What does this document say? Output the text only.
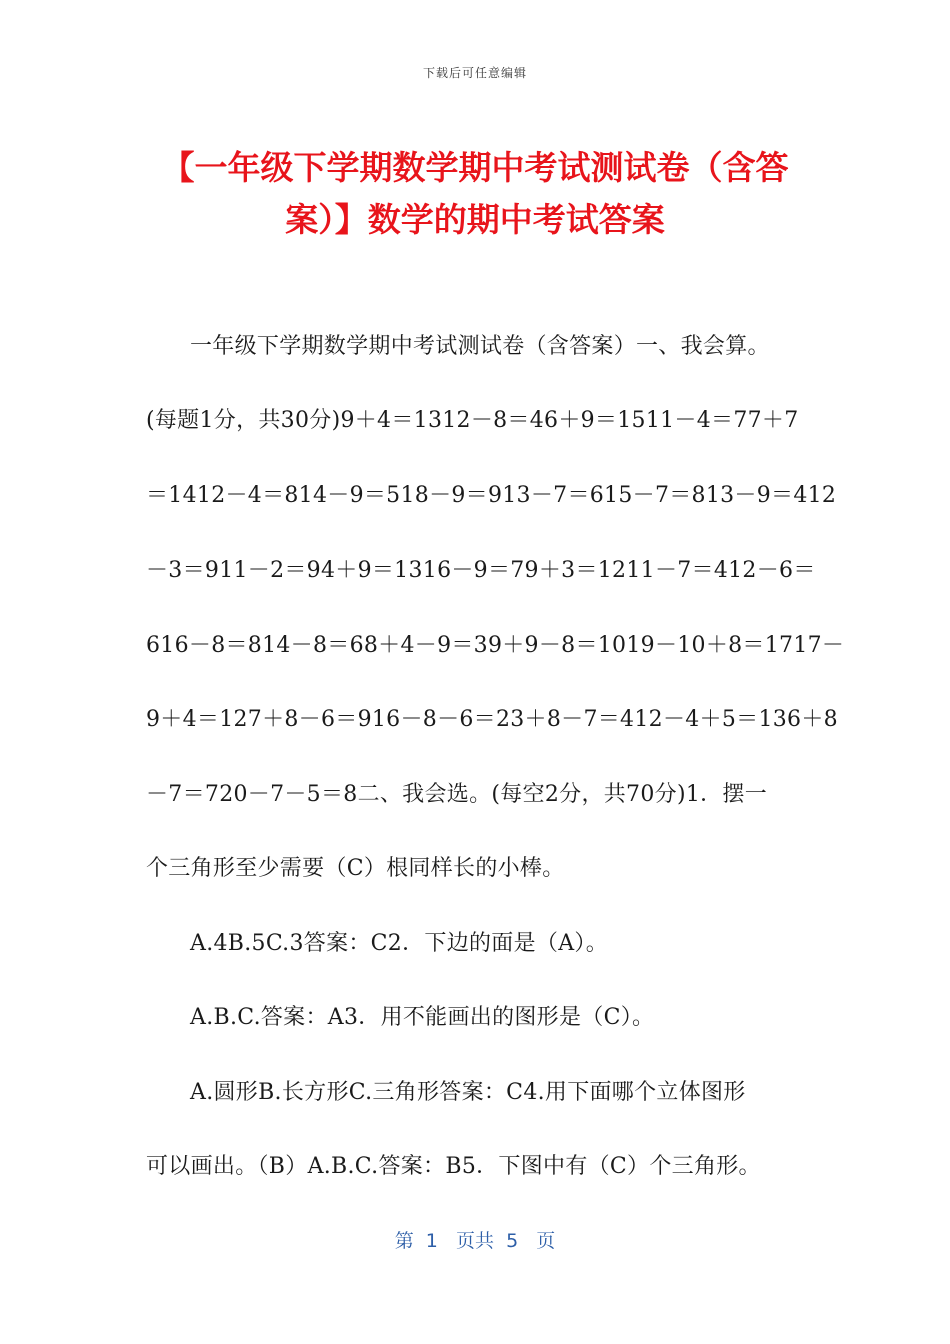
下载后可任意编辑
【一年级下学期数学期中考试测试卷（含答
案）】数学的期中考试答案
一年级下学期数学期中考试测试卷（含答案）一、我会算。
(每题1分，共30分)9＋4＝1312－8＝46＋9＝1511－4＝77＋7
＝1412－4＝814－9＝518－9＝913－7＝615－7＝813－9＝412
－3＝911－2＝94＋9＝1316－9＝79＋3＝1211－7＝412－6＝
616－8＝814－8＝68＋4－9＝39＋9－8＝1019－10＋8＝1717－
9＋4＝127＋8－6＝916－8－6＝23＋8－7＝412－4＋5＝136＋8
－7＝720－7－5＝8二、我会选。(每空2分，共70分)1．摆一
个三角形至少需要（C）根同样长的小棒。
A.4B.5C.3答案：C2．下边的面是（A）。
A.B.C.答案：A3．用不能画出的图形是（C）。
A.圆形B.长方形C.三角形答案：C4.用下面哪个立体图形
可以画出。（B）A.B.C.答案：B5．下图中有（C）个三角形。
第  1   页共  5   页
